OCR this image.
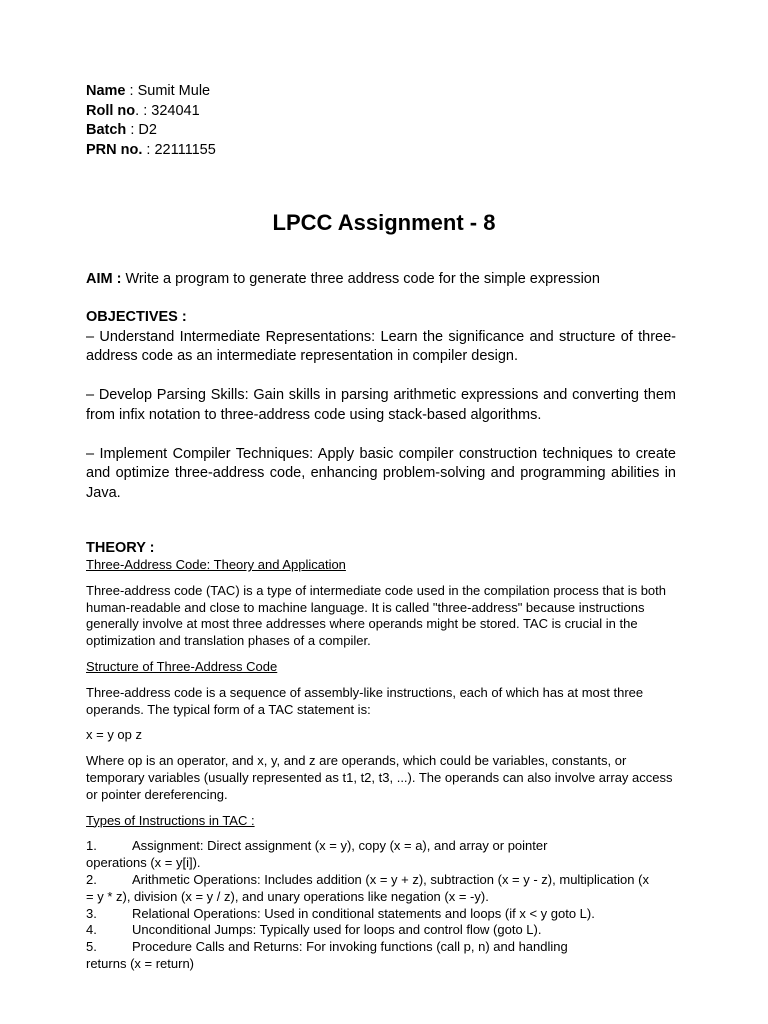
Name : Sumit Mule
Roll no. : 324041
Batch : D2
PRN no. : 22111155
LPCC Assignment - 8
AIM : Write a program to generate three address code for the simple expression
OBJECTIVES :

– Understand Intermediate Representations: Learn the significance and structure of three-address code as an intermediate representation in compiler design.

– Develop Parsing Skills: Gain skills in parsing arithmetic expressions and converting them from infix notation to three-address code using stack-based algorithms.

– Implement Compiler Techniques: Apply basic compiler construction techniques to create and optimize three-address code, enhancing problem-solving and programming abilities in Java.

THEORY :
Three-Address Code: Theory and Application

Three-address code (TAC) is a type of intermediate code used in the compilation process that is both human-readable and close to machine language. It is called "three-address" because instructions generally involve at most three addresses where operands might be stored. TAC is crucial in the optimization and translation phases of a compiler.

Structure of Three-Address Code

Three-address code is a sequence of assembly-like instructions, each of which has at most three operands. The typical form of a TAC statement is:

x = y op z

Where op is an operator, and x, y, and z are operands, which could be variables, constants, or temporary variables (usually represented as t1, t2, t3, ...). The operands can also involve array access or pointer dereferencing.

Types of Instructions in TAC :
1.	Assignment: Direct assignment (x = y), copy (x = a), and array or pointer
operations (x = y[i]).
2.	Arithmetic Operations: Includes addition (x = y + z), subtraction (x = y - z), multiplication (x
= y * z), division (x = y / z), and unary operations like negation (x = -y).
3.	Relational Operations: Used in conditional statements and loops (if x < y goto L).
4.	Unconditional Jumps: Typically used for loops and control flow (goto L).
5.	Procedure Calls and Returns: For invoking functions (call p, n) and handling
returns (x = return)
